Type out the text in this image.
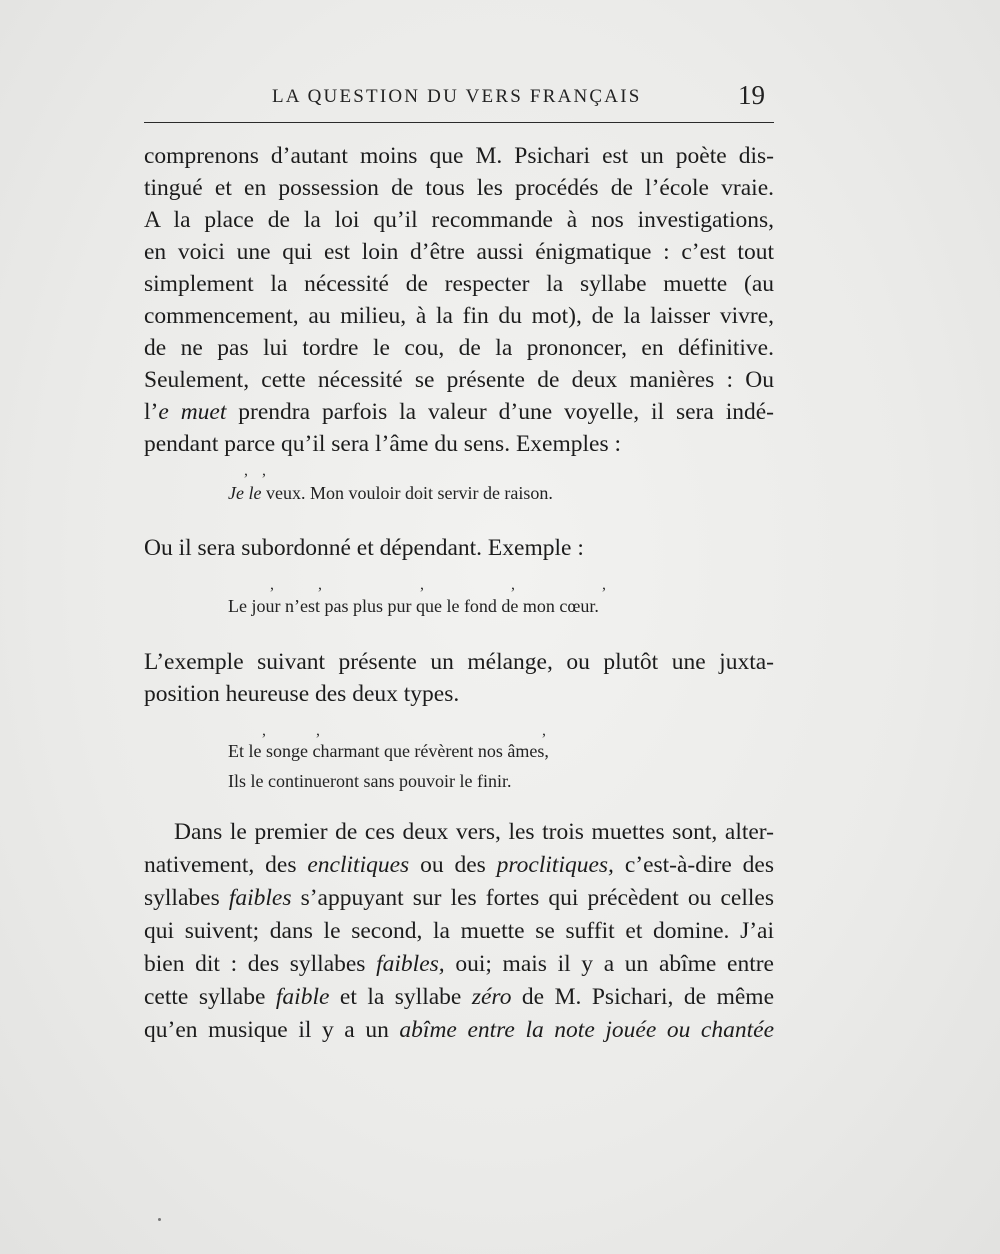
LA QUESTION DU VERS FRANÇAIS	19
comprenons d’autant moins que M. Psichari est un poète dis-
tingué et en possession de tous les procédés de l’école vraie.
A la place de la loi qu’il recommande à nos investigations,
en voici une qui est loin d’être aussi énigmatique : c’est tout
simplement la nécessité de respecter la syllabe muette (au
commencement, au milieu, à la fin du mot), de la laisser vivre,
de ne pas lui tordre le cou, de la prononcer, en définitive.
Seulement, cette nécessité se présente de deux manières : Ou
l’e muet prendra parfois la valeur d’une voyelle, il sera indé-
pendant parce qu’il sera l’âme du sens. Exemples :
, ,
Je le veux. Mon vouloir doit servir de raison.
Ou il sera subordonné et dépendant. Exemple :
,	,	,	,	,
Le jour n’est pas plus pur que le fond de mon cœur.
L’exemple suivant présente un mélange, ou plutôt une juxta-
position heureuse des deux types.
,	,	,
Et le songe charmant que révèrent nos âmes,
Ils le continueront sans pouvoir le finir.
Dans le premier de ces deux vers, les trois muettes sont, alter-
nativement, des enclitiques ou des proclitiques, c’est-à-dire des
syllabes faibles s’appuyant sur les fortes qui précèdent ou celles
qui suivent; dans le second, la muette se suffit et domine. J’ai
bien dit : des syllabes faibles, oui; mais il y a un abîme entre
cette syllabe faible et la syllabe zéro de M. Psichari, de même
qu’en musique il y a un abîme entre la note jouée ou chantée
